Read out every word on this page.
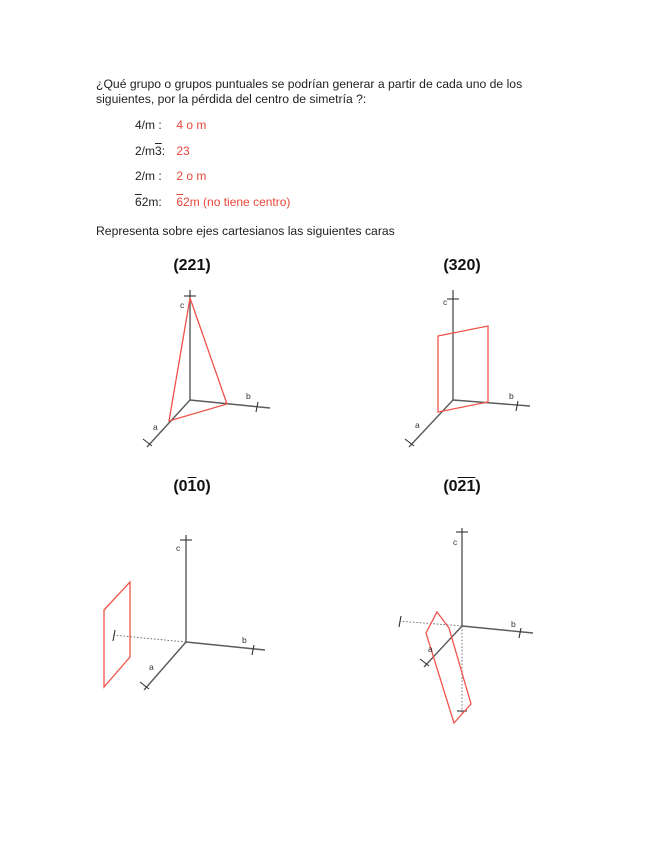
¿Qué grupo o grupos puntuales se podrían generar a partir de cada uno de los siguientes, por la pérdida del centro de simetría ?:
4/m : 4 o m
2/m3: 23
2/m : 2 o m
62m: 62m (no tiene centro)
Representa sobre ejes cartesianos las siguientes caras
(221)	(320)
(010)	(021)
c
b
a
c
b
a
c
b
a
c
b
a
